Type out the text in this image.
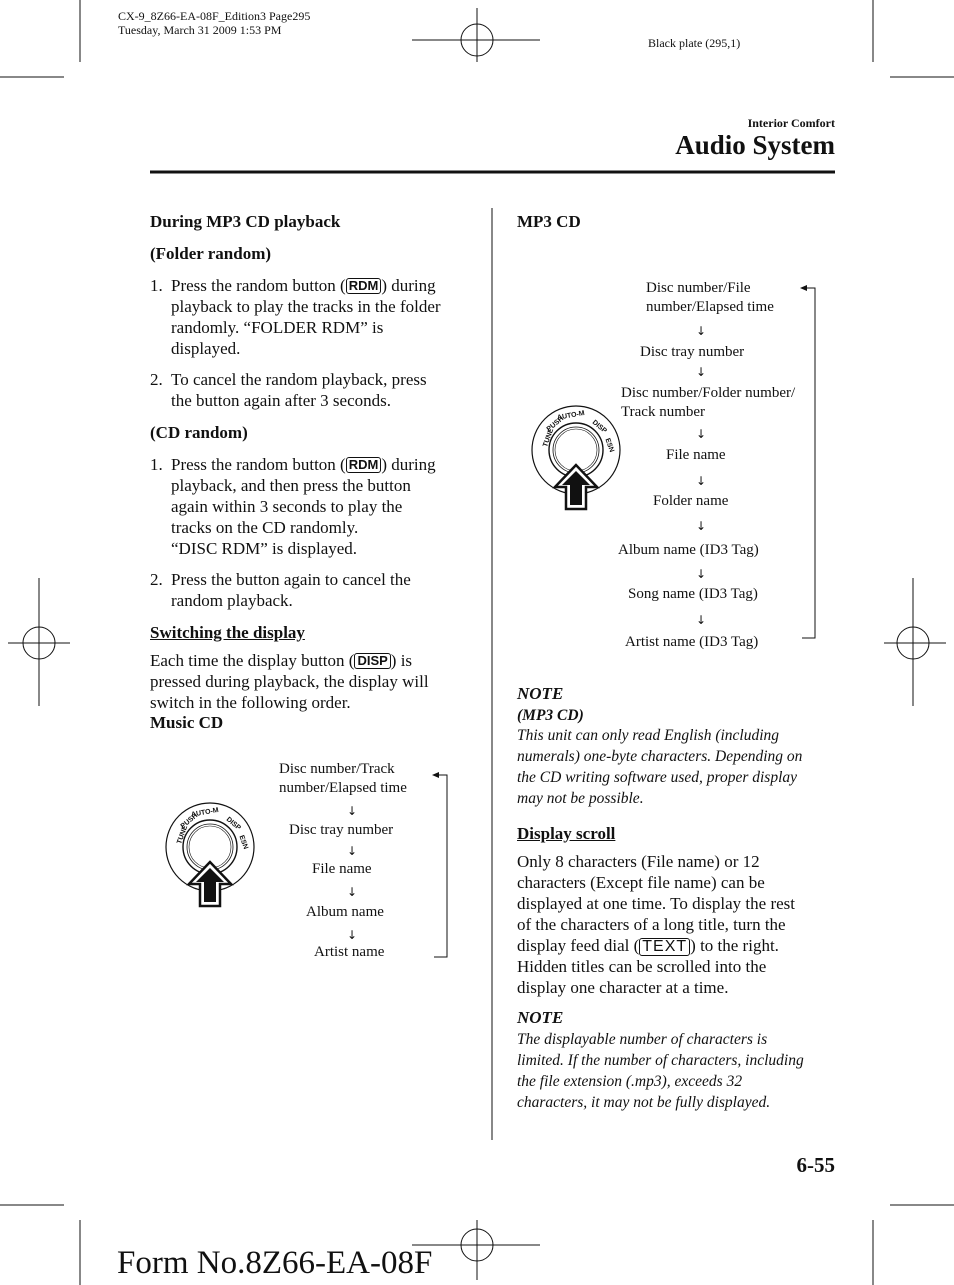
CX-9_8Z66-EA-08F_Edition3 Page295
Tuesday, March 31 2009 1:53 PM
Black plate (295,1)
Interior Comfort
Audio System
During MP3 CD playback
(Folder random)
1. Press the random button ( RDM ) during
playback to play the tracks in the folder
randomly. “FOLDER RDM” is
displayed.
2. To cancel the random playback, press
the button again after 3 seconds.
(CD random)
1. Press the random button ( RDM ) during
playback, and then press the button
again within 3 seconds to play the
tracks on the CD randomly.
“DISC RDM” is displayed.
2. Press the button again to cancel the
random playback.
Switching the display
Each time the display button ( DISP ) is
pressed during playback, the display will
switch in the following order.
Music CD
AUTO-M
TUNE
PUSH	DISP
ESN
Disc number/Track
number/Elapsed time
↓
Disc tray number
↓
File name
↓
Album name
↓
Artist name
MP3 CD
AUTO-M
TUNE
PUSH	DISP
ESN
Disc number/File
number/Elapsed time
↓
Disc tray number
↓
Disc number/Folder number/
Track number
↓
File name
↓
Folder name
↓
Album name (ID3 Tag)
↓
Song name (ID3 Tag)
↓
Artist name (ID3 Tag)
NOTE
(MP3 CD)
This unit can only read English (including
numerals) one-byte characters. Depending on
the CD writing software used, proper display
may not be possible.
Display scroll
Only 8 characters (File name) or 12
characters (Except file name) can be
displayed at one time. To display the rest
of the characters of a long title, turn the
display feed dial ( TEXT ) to the right.
Hidden titles can be scrolled into the
display one character at a time.
NOTE
The displayable number of characters is
limited. If the number of characters, including
the file extension (.mp3), exceeds 32
characters, it may not be fully displayed.
6-55
Form No.8Z66-EA-08F
